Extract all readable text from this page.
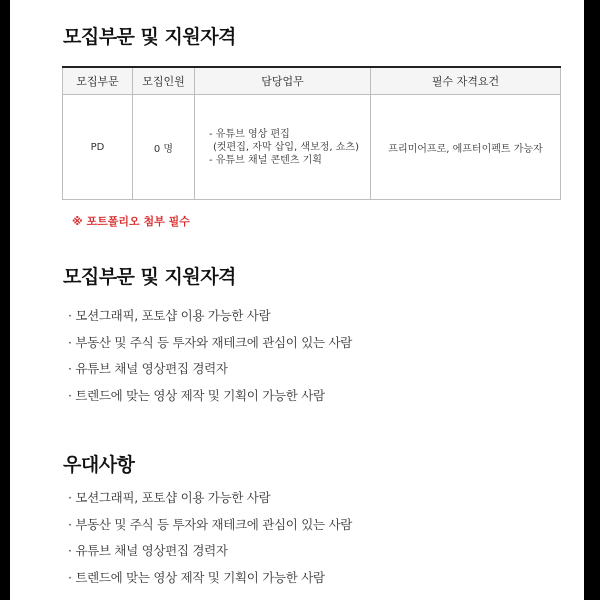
모집부문 및 지원자격
모집부문	모집인원	담당업무	필수 자격요건
PD	0 명	- 유튜브 영상 편집
(컷편집, 자막 삽입, 색보정, 쇼츠)
- 유튜브 채널 콘텐츠 기획	프리미어프로, 에프터이펙트 가능자
※ 포트폴리오 첨부 필수
모집부문 및 지원자격
· 모션그래픽, 포토샵 이용 가능한 사람
· 부동산 및 주식 등 투자와 재테크에 관심이 있는 사람
· 유튜브 채널 영상편집 경력자
· 트렌드에 맞는 영상 제작 및 기획이 가능한 사람
우대사항
· 모션그래픽, 포토샵 이용 가능한 사람
· 부동산 및 주식 등 투자와 재테크에 관심이 있는 사람
· 유튜브 채널 영상편집 경력자
· 트렌드에 맞는 영상 제작 및 기획이 가능한 사람
